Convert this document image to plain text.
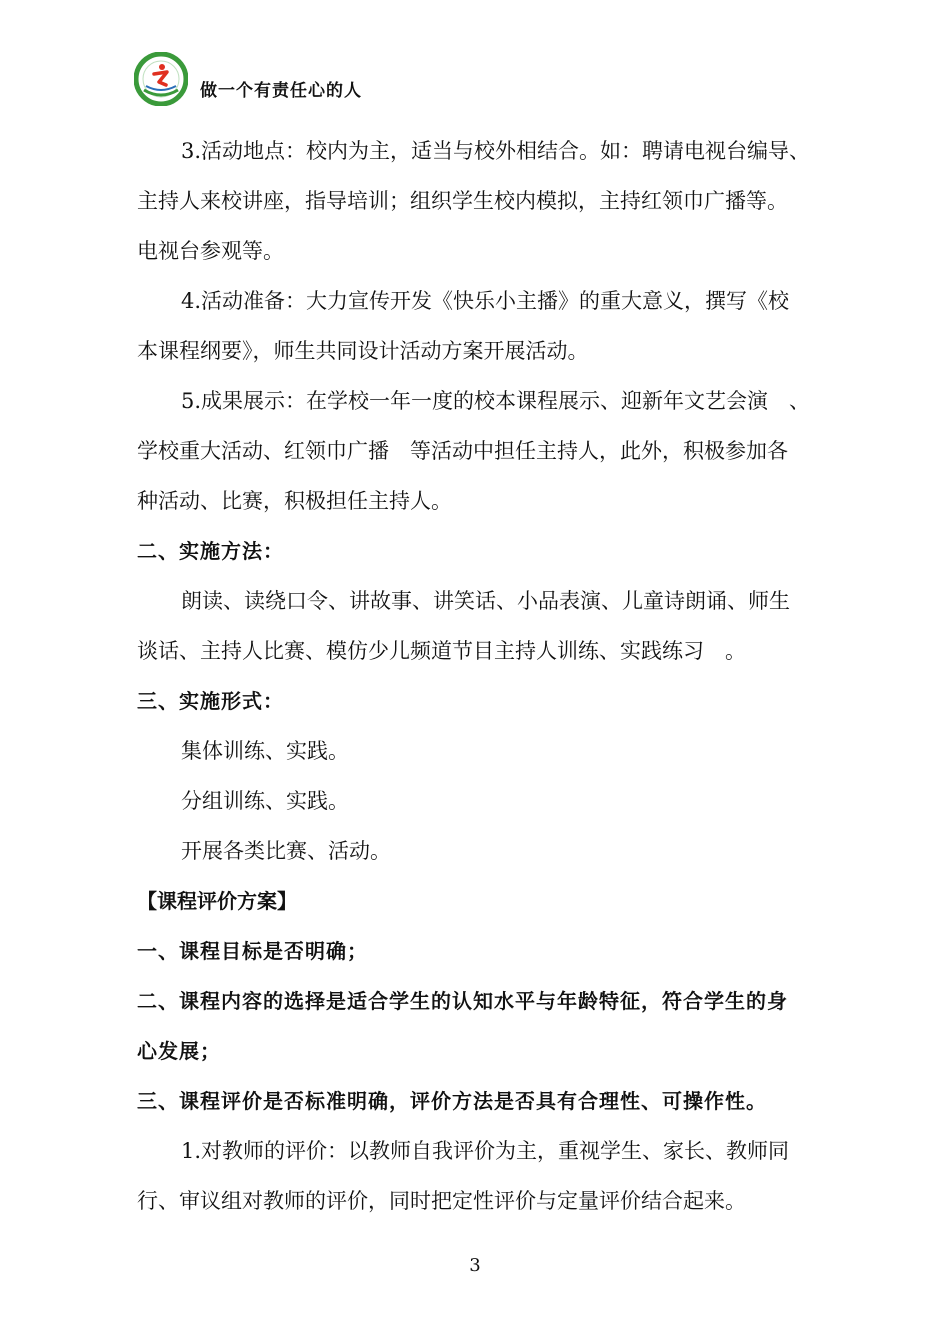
做一个有责任心的人
3.活动地点：校内为主，适当与校外相结合。如：聘请电视台编导、
主持人来校讲座，指导培训；组织学生校内模拟，主持红领巾广播等。
电视台参观等。
4.活动准备：大力宣传开发《快乐小主播》的重大意义，撰写《校
本课程纲要》，师生共同设计活动方案开展活动。
5.成果展示：在学校一年一度的校本课程展示、迎新年文艺会演　、
学校重大活动、红领巾广播　等活动中担任主持人，此外，积极参加各
种活动、比赛，积极担任主持人。
二、实施方法：
朗读、读绕口令、讲故事、讲笑话、小品表演、儿童诗朗诵、师生
谈话、主持人比赛、模仿少儿频道节目主持人训练、实践练习　。
三、实施形式：
集体训练、实践。
分组训练、实践。
开展各类比赛、活动。
【课程评价方案】
一、课程目标是否明确；
二、课程内容的选择是适合学生的认知水平与年龄特征，符合学生的身
心发展；
三、课程评价是否标准明确，评价方法是否具有合理性、可操作性。
1.对教师的评价：以教师自我评价为主，重视学生、家长、教师同
行、审议组对教师的评价，同时把定性评价与定量评价结合起来。
3
